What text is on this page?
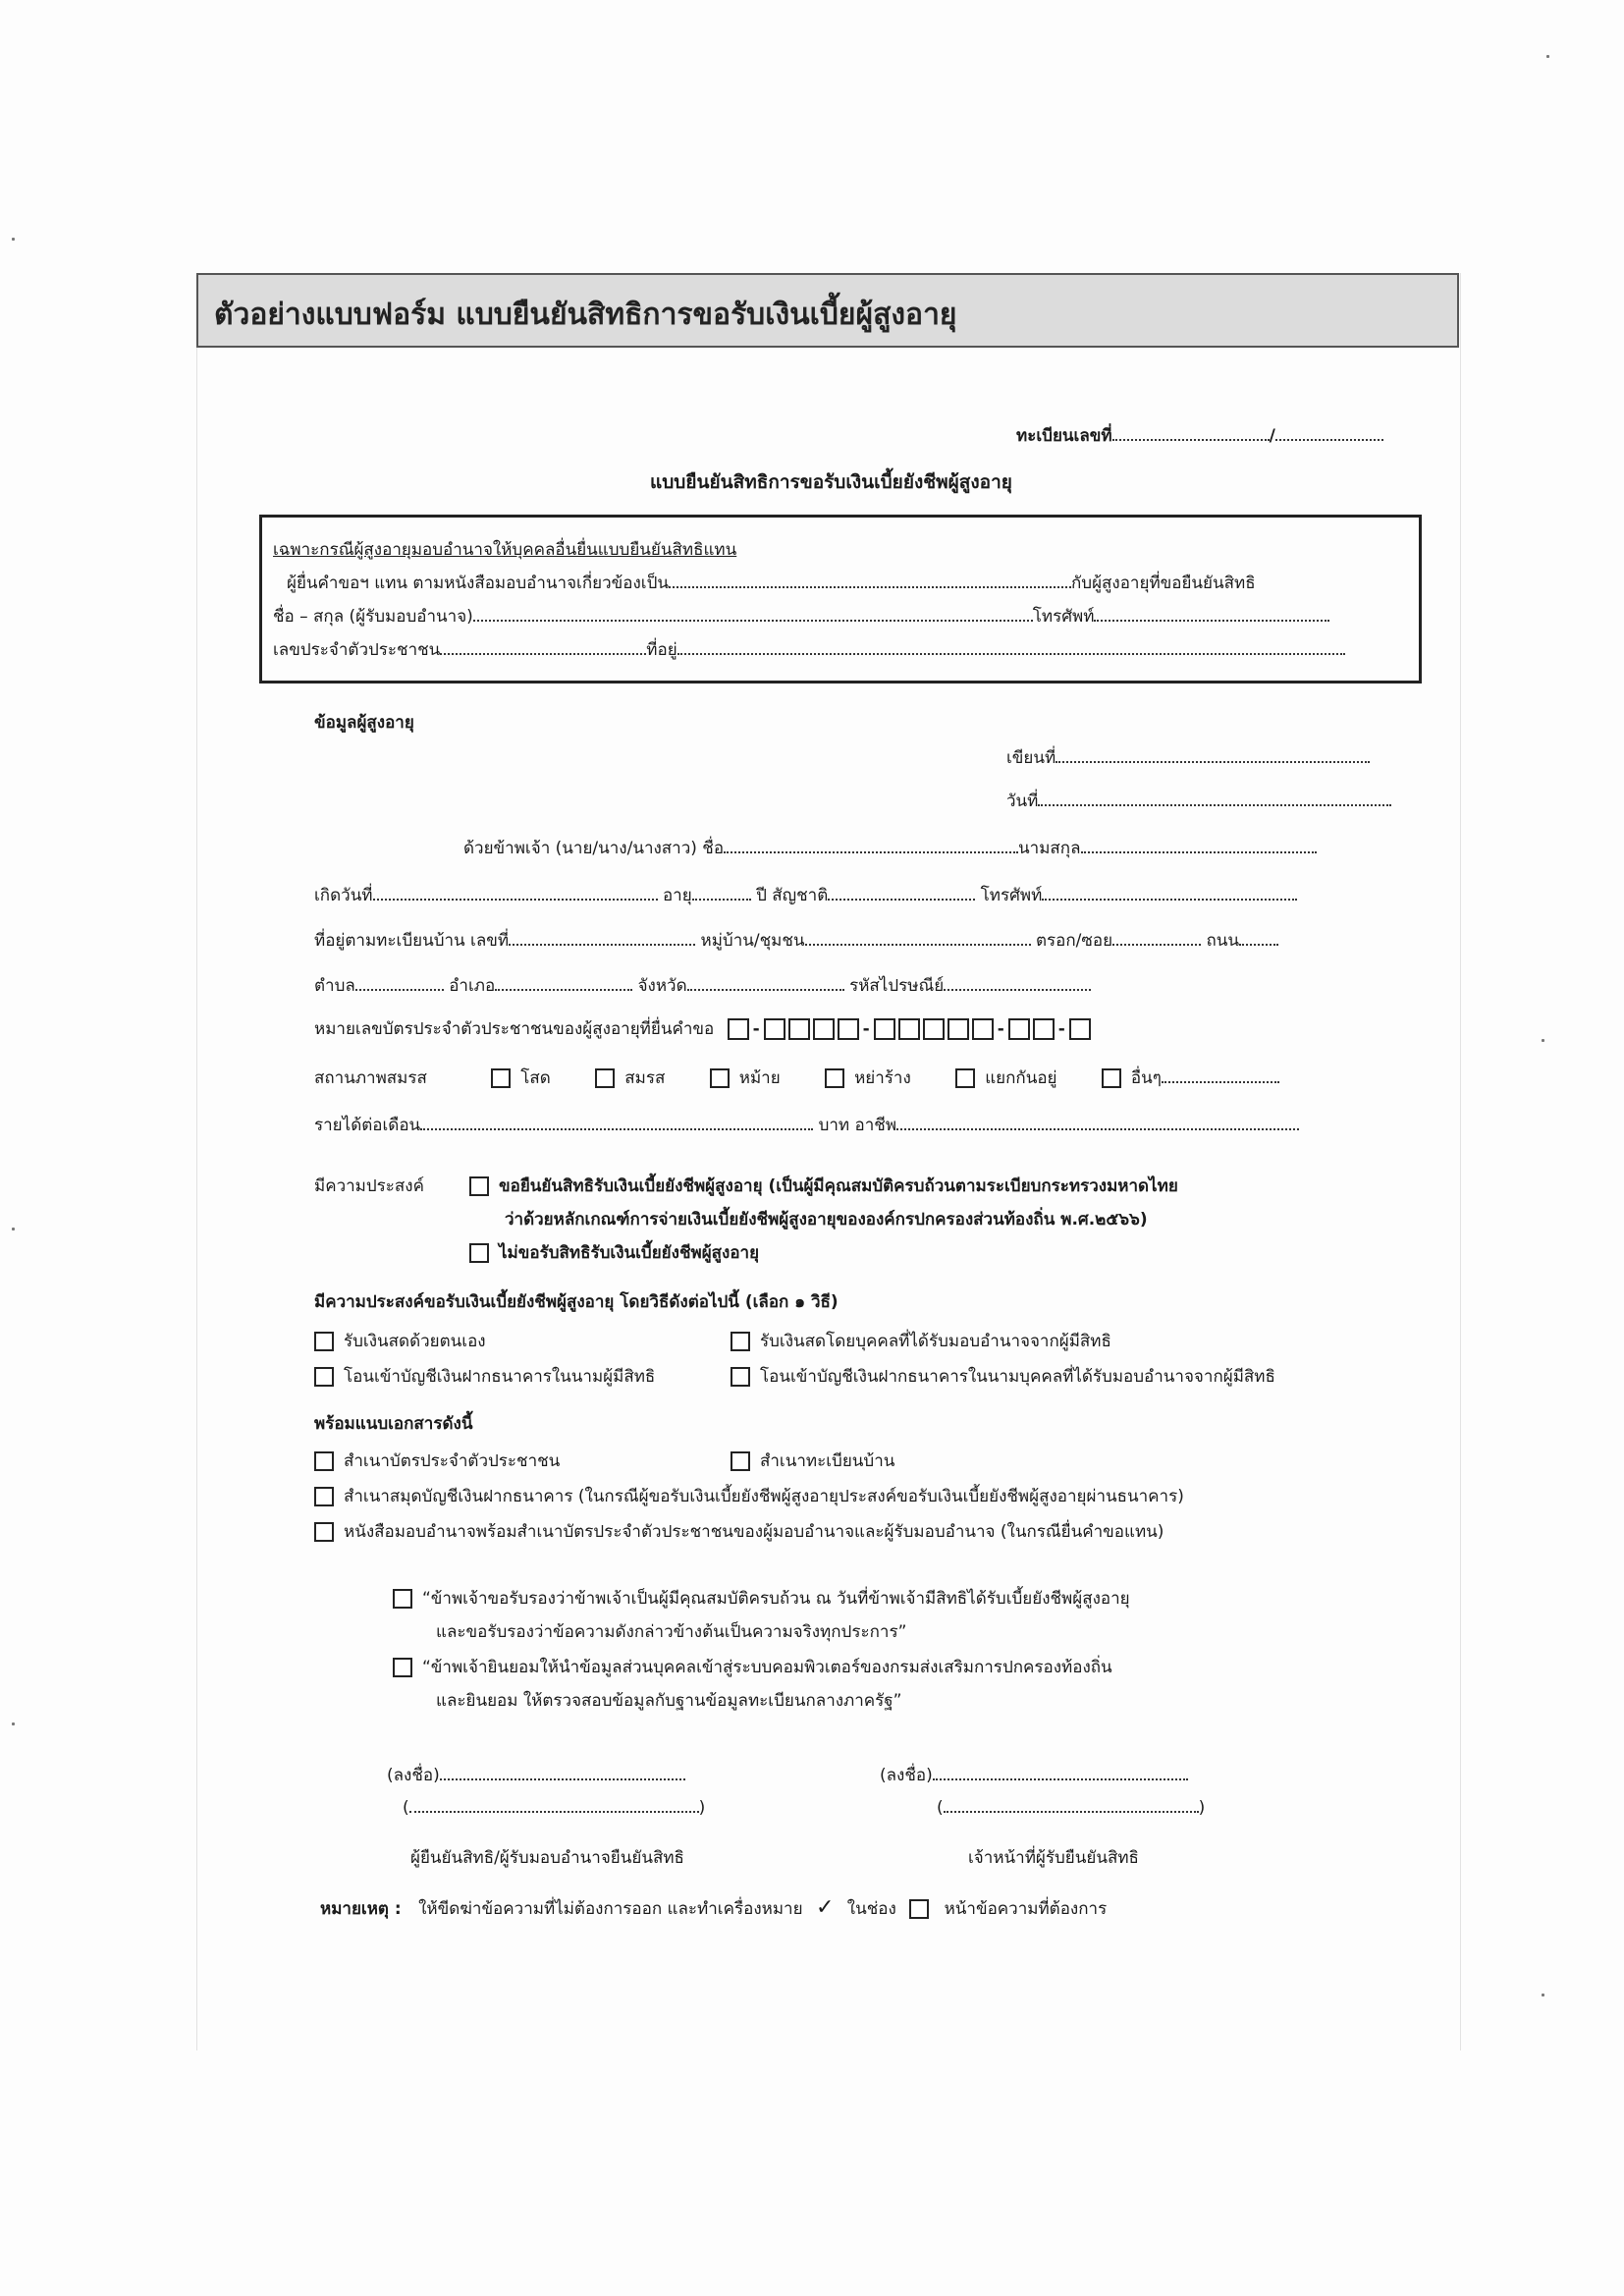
ตัวอย่างแบบฟอร์ม แบบยืนยันสิทธิการขอรับเงินเบี้ยผู้สูงอายุ
ทะเบียนเลขที่	/
แบบยืนยันสิทธิการขอรับเงินเบี้ยยังชีพผู้สูงอายุ
เฉพาะกรณีผู้สูงอายุมอบอำนาจให้บุคคลอื่นยื่นแบบยืนยันสิทธิแทน
ผู้ยื่นคำขอฯ แทน ตามหนังสือมอบอำนาจเกี่ยวข้องเป็น	กับผู้สูงอายุที่ขอยืนยันสิทธิ
ชื่อ – สกุล (ผู้รับมอบอำนาจ)	โทรศัพท์
เลขประจำตัวประชาชน	ที่อยู่
ข้อมูลผู้สูงอายุ
เขียนที่
วันที่
ด้วยข้าพเจ้า (นาย/นาง/นางสาว) ชื่อ	นามสกุล
เกิดวันที่	อายุ	ปี สัญชาติ	โทรศัพท์
ที่อยู่ตามทะเบียนบ้าน เลขที่	หมู่บ้าน/ชุมชน	ตรอก/ซอย	ถนน
ตำบล	อำเภอ	จังหวัด	รหัสไปรษณีย์
หมายเลขบัตรประจำตัวประชาชนของผู้สูงอายุที่ยื่นคำขอ -	-	-	-
สถานภาพสมรส	โสด	สมรส	หม้าย	หย่าร้าง	แยกกันอยู่	อื่นๆ
รายได้ต่อเดือน	บาท อาชีพ
มีความประสงค์	ขอยืนยันสิทธิรับเงินเบี้ยยังชีพผู้สูงอายุ (เป็นผู้มีคุณสมบัติครบถ้วนตามระเบียบกระทรวงมหาดไทย
ว่าด้วยหลักเกณฑ์การจ่ายเงินเบี้ยยังชีพผู้สูงอายุขององค์กรปกครองส่วนท้องถิ่น พ.ศ.๒๕๖๖)
ไม่ขอรับสิทธิรับเงินเบี้ยยังชีพผู้สูงอายุ
มีความประสงค์ขอรับเงินเบี้ยยังชีพผู้สูงอายุ โดยวิธีดังต่อไปนี้ (เลือก ๑ วิธี)
รับเงินสดด้วยตนเอง	รับเงินสดโดยบุคคลที่ได้รับมอบอำนาจจากผู้มีสิทธิ
โอนเข้าบัญชีเงินฝากธนาคารในนามผู้มีสิทธิ	โอนเข้าบัญชีเงินฝากธนาคารในนามบุคคลที่ได้รับมอบอำนาจจากผู้มีสิทธิ
พร้อมแนบเอกสารดังนี้
สำเนาบัตรประจำตัวประชาชน	สำเนาทะเบียนบ้าน
สำเนาสมุดบัญชีเงินฝากธนาคาร (ในกรณีผู้ขอรับเงินเบี้ยยังชีพผู้สูงอายุประสงค์ขอรับเงินเบี้ยยังชีพผู้สูงอายุผ่านธนาคาร)
หนังสือมอบอำนาจพร้อมสำเนาบัตรประจำตัวประชาชนของผู้มอบอำนาจและผู้รับมอบอำนาจ (ในกรณียื่นคำขอแทน)
“ข้าพเจ้าขอรับรองว่าข้าพเจ้าเป็นผู้มีคุณสมบัติครบถ้วน ณ วันที่ข้าพเจ้ามีสิทธิได้รับเบี้ยยังชีพผู้สูงอายุ
และขอรับรองว่าข้อความดังกล่าวข้างต้นเป็นความจริงทุกประการ”
“ข้าพเจ้ายินยอมให้นำข้อมูลส่วนบุคคลเข้าสู่ระบบคอมพิวเตอร์ของกรมส่งเสริมการปกครองท้องถิ่น
และยินยอม ให้ตรวจสอบข้อมูลกับฐานข้อมูลทะเบียนกลางภาครัฐ”
(ลงชื่อ)
(	)
ผู้ยืนยันสิทธิ/ผู้รับมอบอำนาจยืนยันสิทธิ
(ลงชื่อ)
(	)
เจ้าหน้าที่ผู้รับยืนยันสิทธิ
หมายเหตุ : ให้ขีดฆ่าข้อความที่ไม่ต้องการออก และทำเครื่องหมาย ✓ ในช่อง	หน้าข้อความที่ต้องการ
